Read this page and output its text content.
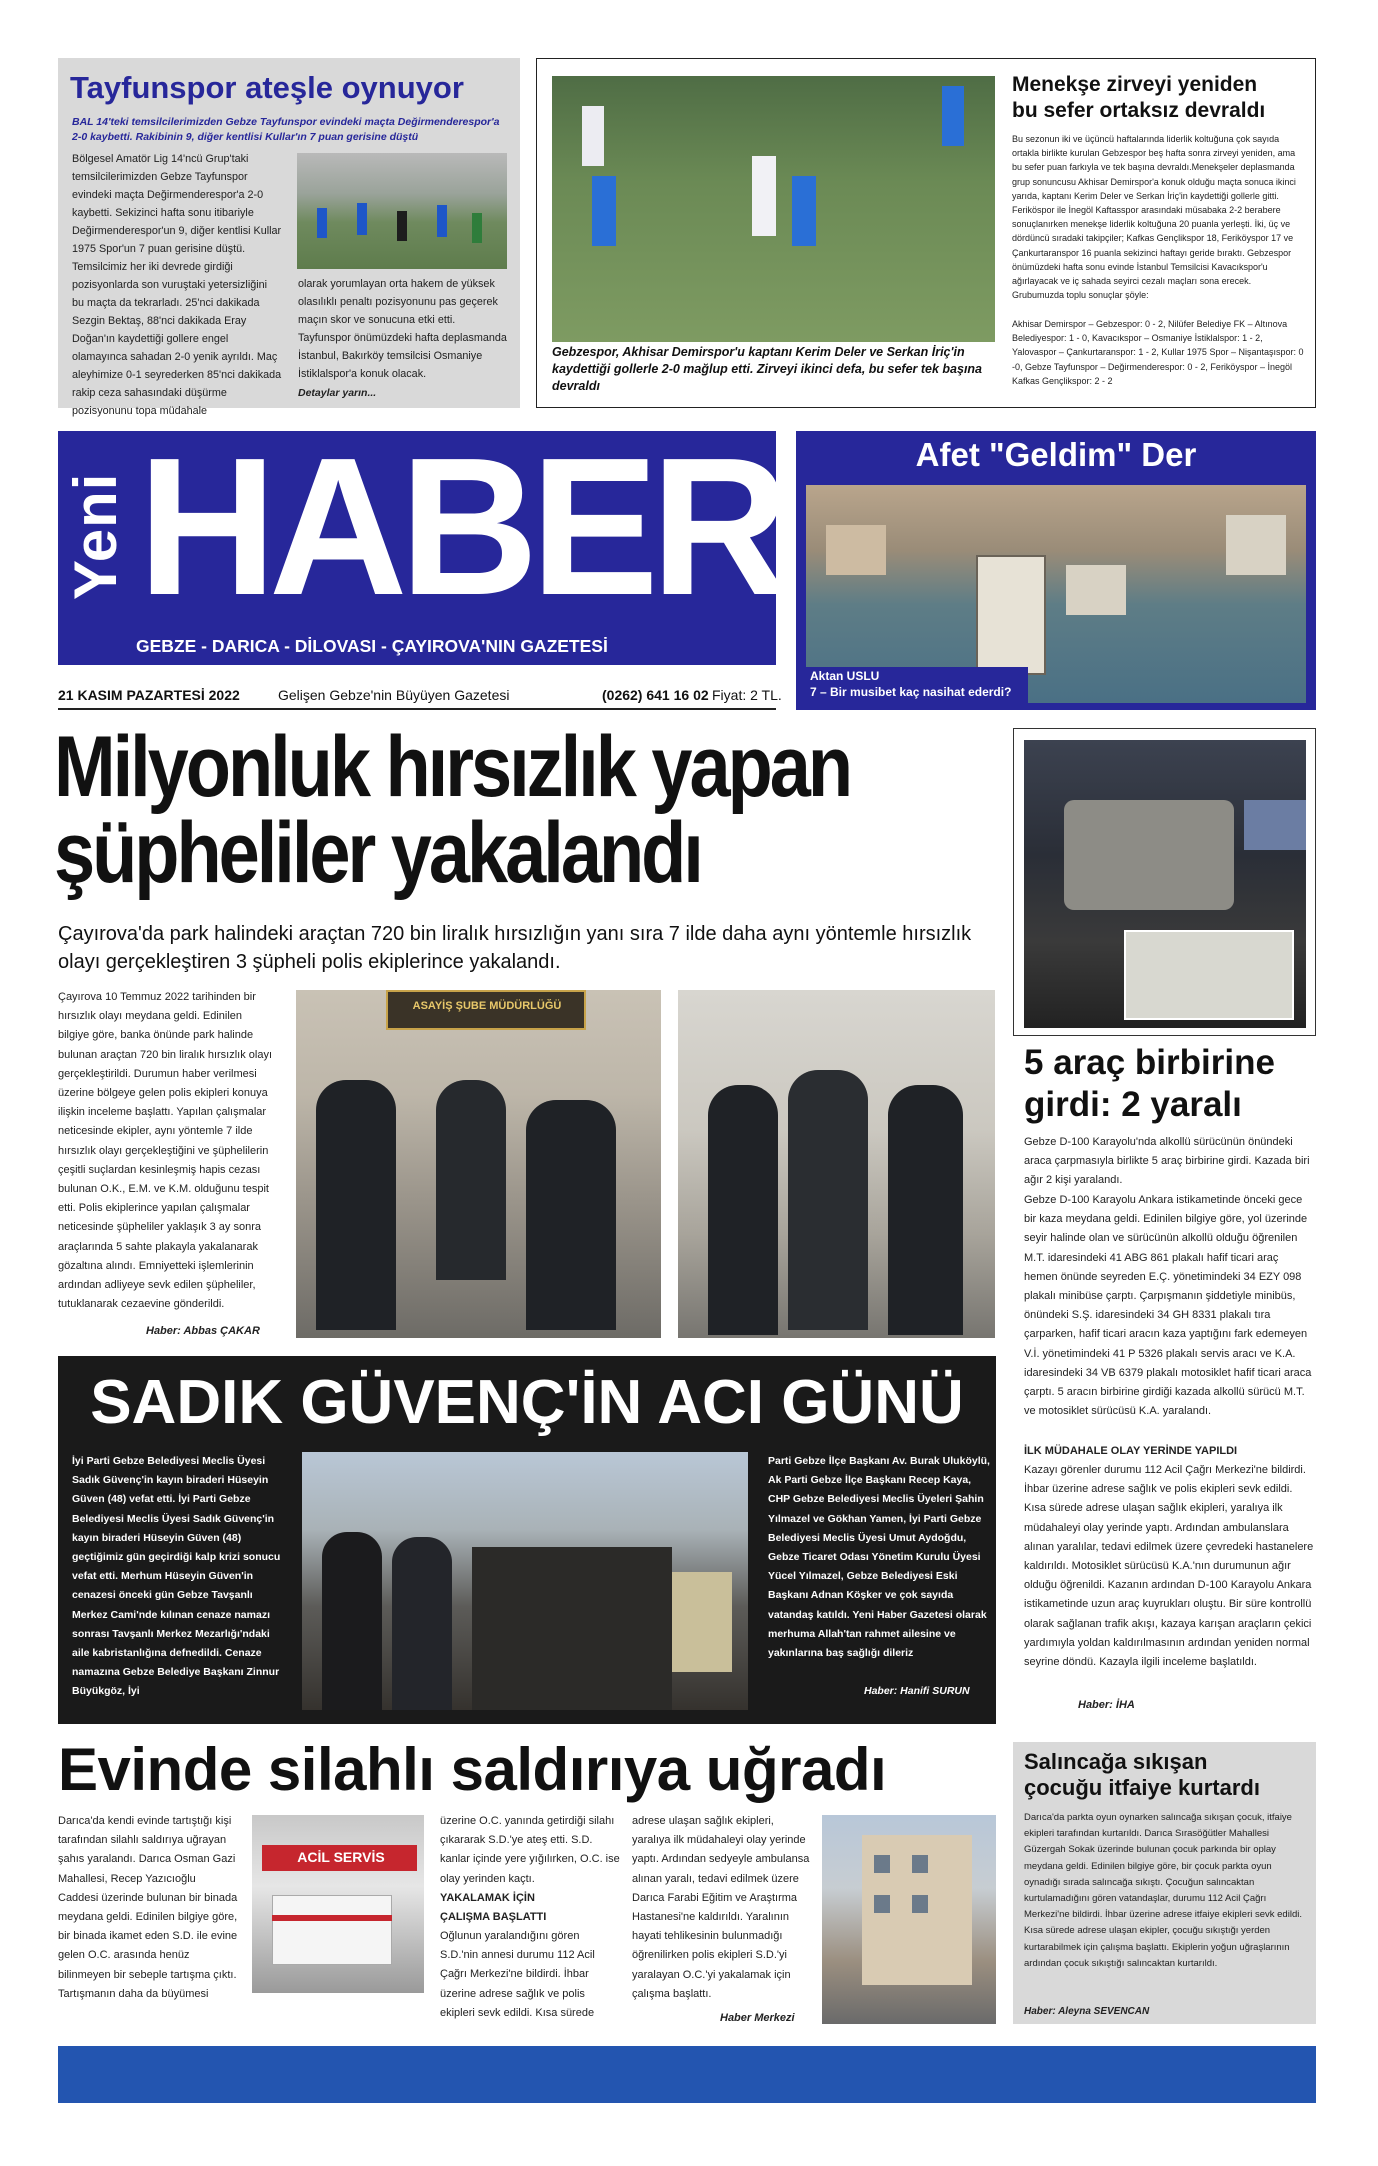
Tayfunspor ateşle oynuyor
BAL 14'teki temsilcilerimizden Gebze Tayfunspor evindeki maçta Değirmenderespor'a 2-0 kaybetti. Rakibinin 9, diğer kentlisi Kullar'ın 7 puan gerisine düştü
Bölgesel Amatör Lig 14'ncü Grup'taki temsilcilerimizden Gebze Tayfunspor evindeki maçta Değirmenderespor'a 2-0 kaybetti. Sekizinci hafta sonu itibariyle Değirmenderespor'un 9, diğer kentlisi Kullar 1975 Spor'un 7 puan gerisine düştü. Temsilcimiz her iki devrede girdiği pozisyonlarda son vuruştaki yetersizliğini bu maçta da tekrarladı. 25'nci dakikada Sezgin Bektaş, 88'nci dakikada Eray Doğan'ın kaydettiği gollere engel olamayınca sahadan 2-0 yenik ayrıldı. Maç aleyhimize 0-1 seyrederken 85'nci dakikada rakip ceza sahasındaki düşürme pozisyonunu topa müdahale
olarak yorumlayan orta hakem de yüksek olasılıklı penaltı pozisyonunu pas geçerek maçın skor ve sonucuna etki etti. Tayfunspor önümüzdeki hafta deplasmanda İstanbul, Bakırköy temsilcisi Osmaniye İstiklalspor'a konuk olacak.
Detaylar yarın...
Gebzespor, Akhisar Demirspor'u kaptanı Kerim Deler ve Serkan İriç'in kaydettiği gollerle 2-0 mağlup etti. Zirveyi ikinci defa, bu sefer tek başına devraldı
Menekşe zirveyi yeniden
bu sefer ortaksız devraldı
Bu sezonun iki ve üçüncü haftalarında liderlik koltuğuna çok sayıda ortakla birlikte kurulan Gebzespor beş hafta sonra zirveyi yeniden, ama bu sefer puan farkıyla ve tek başına devraldı.Menekşeler deplasmanda grup sonuncusu Akhisar Demirspor'a konuk olduğu maçta sonuca ikinci yarıda, kaptanı Kerim Deler ve Serkan İriç'in kaydettiği gollerle gitti. Feriköspor ile İnegöl Kaftasspor arasındaki müsabaka 2-2 berabere sonuçlanırken menekşe liderlik koltuğuna 20 puanla yerleşti. İki, üç ve dördüncü sıradaki takipçiler; Kafkas Gençlikspor 18, Feriköyspor 17 ve Çankurtaranspor 16 puanla sekizinci haftayı geride bıraktı. Gebzespor önümüzdeki hafta sonu evinde İstanbul Temsilcisi Kavacıkspor'u ağırlayacak ve iç sahada seyirci cezalı maçları sona erecek. Grubumuzda toplu sonuçlar şöyle:
Akhisar Demirspor – Gebzespor: 0 - 2, Nilüfer Belediye FK – Altınova Belediyespor: 1 - 0, Kavacıkspor – Osmaniye İstiklalspor: 1 - 2, Yalovaspor – Çankurtaranspor: 1 - 2, Kullar 1975 Spor – Nişantaşıspor: 0 -0, Gebze Tayfunspor – Değirmenderespor: 0 - 2, Feriköyspor – İnegöl Kafkas Gençlikspor: 2 - 2
Yeni HABER
GEBZE - DARICA - DİLOVASI - ÇAYIROVA'NIN GAZETESİ
21 KASIM PAZARTESİ 2022	Gelişen Gebze'nin Büyüyen Gazetesi	(0262) 641 16 02 Fiyat: 2 TL.
Afet "Geldim" Der
Aktan USLU
7 – Bir musibet kaç nasihat ederdi?
Milyonluk hırsızlık yapan
şüpheliler yakalandı
Çayırova'da park halindeki araçtan 720 bin liralık hırsızlığın yanı sıra 7 ilde daha aynı yöntemle hırsızlık olayı gerçekleştiren 3 şüpheli polis ekiplerince yakalandı.
Çayırova 10 Temmuz 2022 tarihinden bir hırsızlık olayı meydana geldi. Edinilen bilgiye göre, banka önünde park halinde bulunan araçtan 720 bin liralık hırsızlık olayı gerçekleştirildi. Durumun haber verilmesi üzerine bölgeye gelen polis ekipleri konuya ilişkin inceleme başlattı. Yapılan çalışmalar neticesinde ekipler, aynı yöntemle 7 ilde hırsızlık olayı gerçekleştiğini ve şüphelilerin çeşitli suçlardan kesinleşmiş hapis cezası bulunan O.K., E.M. ve K.M. olduğunu tespit etti. Polis ekiplerince yapılan çalışmalar neticesinde şüpheliler yaklaşık 3 ay sonra araçlarında 5 sahte plakayla yakalanarak gözaltına alındı. Emniyetteki işlemlerinin ardından adliyeye sevk edilen şüpheliler, tutuklanarak cezaevine gönderildi.
Haber: Abbas ÇAKAR
ASAYİŞ ŞUBE MÜDÜRLÜĞÜ
5 araç birbirine
girdi: 2 yaralı
Gebze D-100 Karayolu'nda alkollü sürücünün önündeki araca çarpmasıyla birlikte 5 araç birbirine girdi. Kazada biri ağır 2 kişi yaralandı.
Gebze D-100 Karayolu Ankara istikametinde önceki gece bir kaza meydana geldi. Edinilen bilgiye göre, yol üzerinde seyir halinde olan ve sürücünün alkollü olduğu öğrenilen M.T. idaresindeki 41 ABG 861 plakalı hafif ticari araç hemen önünde seyreden E.Ç. yönetimindeki 34 EZY 098 plakalı minibüse çarptı. Çarpışmanın şiddetiyle minibüs, önündeki S.Ş. idaresindeki 34 GH 8331 plakalı tıra çarparken, hafif ticari aracın kaza yaptığını fark edemeyen V.İ. yönetimindeki 41 P 5326 plakalı servis aracı ve K.A. idaresindeki 34 VB 6379 plakalı motosiklet hafif ticari araca çarptı. 5 aracın birbirine girdiği kazada alkollü sürücü M.T. ve motosiklet sürücüsü K.A. yaralandı.
İLK MÜDAHALE OLAY YERİNDE YAPILDI
Kazayı görenler durumu 112 Acil Çağrı Merkezi'ne bildirdi. İhbar üzerine adrese sağlık ve polis ekipleri sevk edildi. Kısa sürede adrese ulaşan sağlık ekipleri, yaralıya ilk müdahaleyi olay yerinde yaptı. Ardından ambulanslara alınan yaralılar, tedavi edilmek üzere çevredeki hastanelere kaldırıldı. Motosiklet sürücüsü K.A.'nın durumunun ağır olduğu öğrenildi. Kazanın ardından D-100 Karayolu Ankara istikametinde uzun araç kuyrukları oluştu. Bir süre kontrollü olarak sağlanan trafik akışı, kazaya karışan araçların çekici yardımıyla yoldan kaldırılmasının ardından yeniden normal seyrine döndü. Kazayla ilgili inceleme başlatıldı.
Haber: İHA
SADIK GÜVENÇ'İN ACI GÜNÜ
İyi Parti Gebze Belediyesi Meclis Üyesi Sadık Güvenç'in kayın biraderi Hüseyin Güven (48) vefat etti. İyi Parti Gebze Belediyesi Meclis Üyesi Sadık Güvenç'in kayın biraderi Hüseyin Güven (48) geçtiğimiz gün geçirdiği kalp krizi sonucu vefat etti. Merhum Hüseyin Güven'in cenazesi önceki gün Gebze Tavşanlı Merkez Cami'nde kılınan cenaze namazı sonrası Tavşanlı Merkez Mezarlığı'ndaki aile kabristanlığına defnedildi. Cenaze namazına Gebze Belediye Başkanı Zinnur Büyükgöz, İyi
Parti Gebze İlçe Başkanı Av. Burak Uluköylü, Ak Parti Gebze İlçe Başkanı Recep Kaya, CHP Gebze Belediyesi Meclis Üyeleri Şahin Yılmazel ve Gökhan Yamen, İyi Parti Gebze Belediyesi Meclis Üyesi Umut Aydoğdu, Gebze Ticaret Odası Yönetim Kurulu Üyesi Yücel Yılmazel, Gebze Belediyesi Eski Başkanı Adnan Köşker ve çok sayıda vatandaş katıldı. Yeni Haber Gazetesi olarak merhuma Allah'tan rahmet ailesine ve yakınlarına baş sağlığı dileriz
Haber: Hanifi SURUN
Evinde silahlı saldırıya uğradı
Darıca'da kendi evinde tartıştığı kişi tarafından silahlı saldırıya uğrayan şahıs yaralandı. Darıca Osman Gazi Mahallesi, Recep Yazıcıoğlu Caddesi üzerinde bulunan bir binada meydana geldi. Edinilen bilgiye göre, bir binada ikamet eden S.D. ile evine gelen O.C. arasında henüz bilinmeyen bir sebeple tartışma çıktı. Tartışmanın daha da büyümesi
ACİL SERVİS
üzerine O.C. yanında getirdiği silahı çıkararak S.D.'ye ateş etti. S.D. kanlar içinde yere yığılırken, O.C. ise olay yerinden kaçtı.
YAKALAMAK İÇİN ÇALIŞMA BAŞLATTI
Oğlunun yaralandığını gören S.D.'nin annesi durumu 112 Acil Çağrı Merkezi'ne bildirdi. İhbar üzerine adrese sağlık ve polis ekipleri sevk edildi. Kısa sürede
adrese ulaşan sağlık ekipleri, yaralıya ilk müdahaleyi olay yerinde yaptı. Ardından sedyeyle ambulansa alınan yaralı, tedavi edilmek üzere Darıca Farabi Eğitim ve Araştırma Hastanesi'ne kaldırıldı. Yaralının hayati tehlikesinin bulunmadığı öğrenilirken polis ekipleri S.D.'yi yaralayan O.C.'yi yakalamak için çalışma başlattı.
Haber Merkezi
Salıncağa sıkışan
çocuğu itfaiye kurtardı
Darıca'da parkta oyun oynarken salıncağa sıkışan çocuk, itfaiye ekipleri tarafından kurtarıldı. Darıca Sırasöğütler Mahallesi Güzergah Sokak üzerinde bulunan çocuk parkında bir oplay meydana geldi. Edinilen bilgiye göre, bir çocuk parkta oyun oynadığı sırada salıncağa sıkıştı. Çocuğun salıncaktan kurtulamadığını gören vatandaşlar, durumu 112 Acil Çağrı Merkezi'ne bildirdi. İhbar üzerine adrese itfaiye ekipleri sevk edildi. Kısa sürede adrese ulaşan ekipler, çocuğu sıkıştığı yerden kurtarabilmek için çalışma başlattı. Ekiplerin yoğun uğraşlarının ardından çocuk sıkıştığı salıncaktan kurtarıldı.
Haber: Aleyna SEVENCAN
